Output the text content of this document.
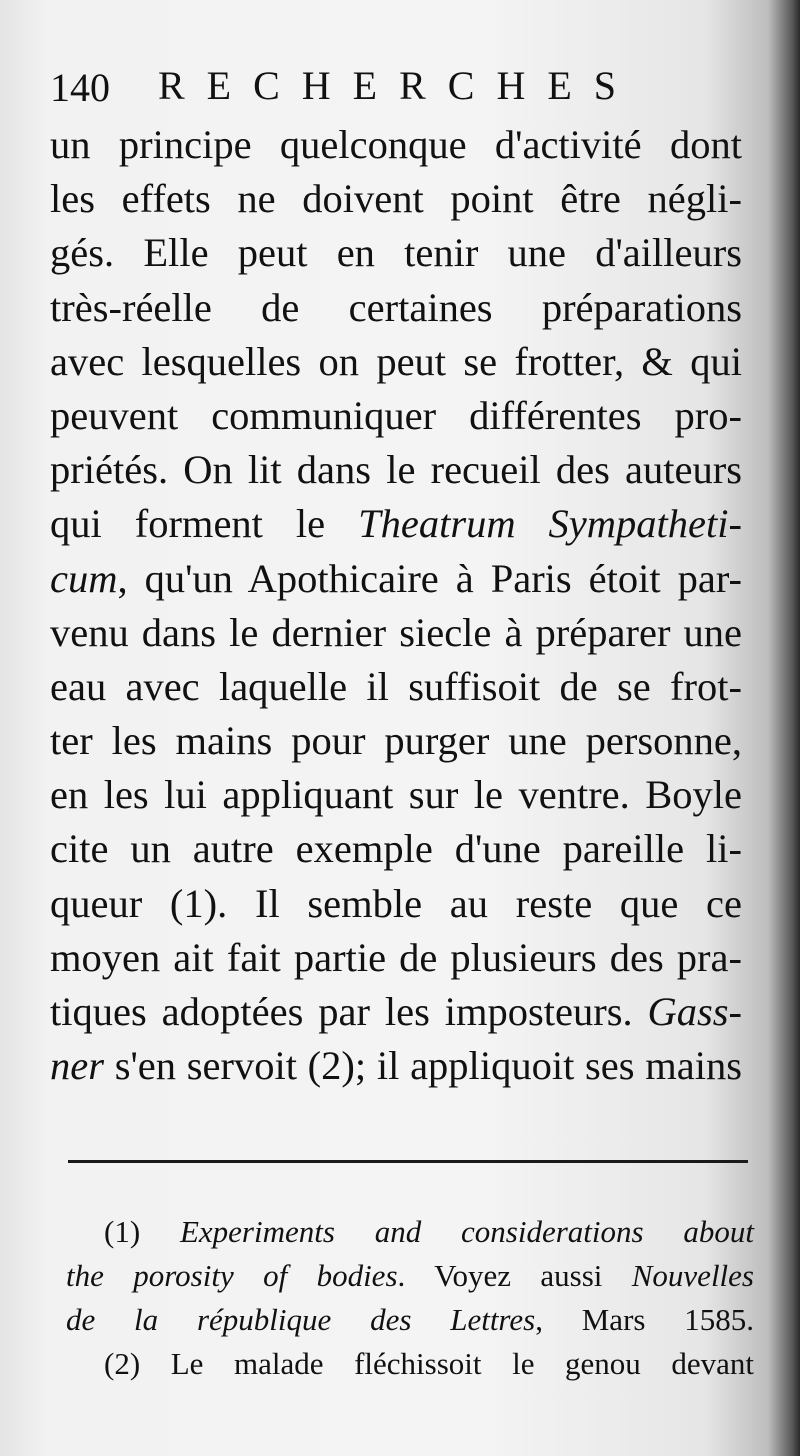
140 RECHERCHES
un principe quelconque d'activité dont
les effets ne doivent point être négli-
gés. Elle peut en tenir une d'ailleurs
très-réelle de certaines préparations
avec lesquelles on peut se frotter, & qui
peuvent communiquer différentes pro-
priétés. On lit dans le recueil des auteurs
qui forment le Theatrum Sympatheti-
cum, qu'un Apothicaire à Paris étoit par-
venu dans le dernier siecle à préparer une
eau avec laquelle il suffisoit de se frot-
ter les mains pour purger une personne,
en les lui appliquant sur le ventre. Boyle
cite un autre exemple d'une pareille li-
queur (1). Il semble au reste que ce
moyen ait fait partie de plusieurs des pra-
tiques adoptées par les imposteurs. Gass-
ner s'en servoit (2); il appliquoit ses mains
(1) Experiments and considerations about
the porosity of bodies. Voyez aussi Nouvelles
de la république des Lettres, Mars 1585.
(2) Le malade fléchissoit le genou devant
